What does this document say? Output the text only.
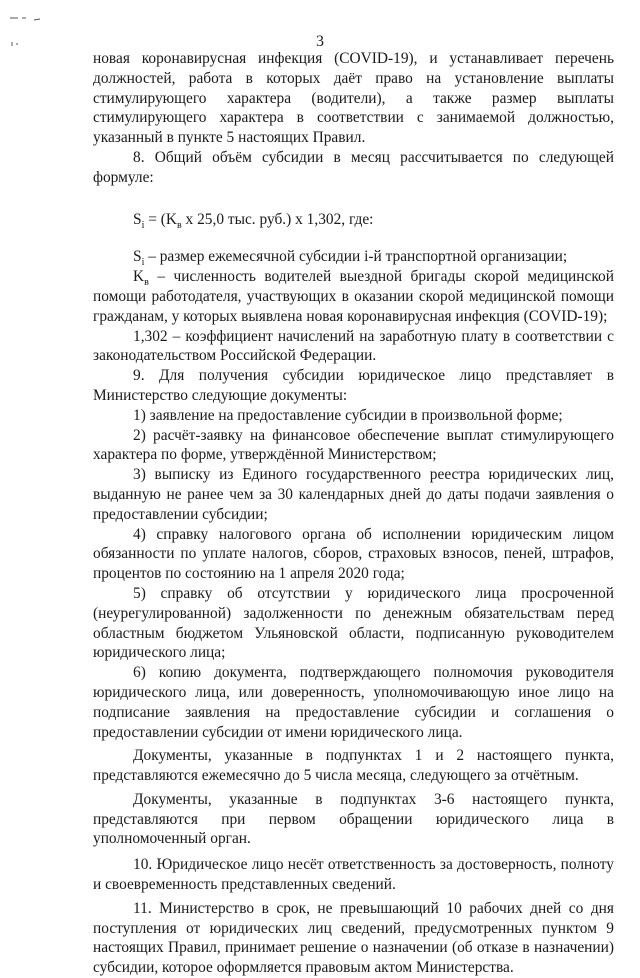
3

новая коронавирусная инфекция (COVID-19), и устанавливает перечень должностей, работа в которых даёт право на установление выплаты стимулирующего характера (водители), а также размер выплаты стимулирующего характера в соответствии с занимаемой должностью, указанный в пункте 5 настоящих Правил.

8. Общий объём субсидии в месяц рассчитывается по следующей формуле:

$S_i = (K_в$ x 25,0 тыс. руб.) x 1,302, где:

$S_i$ – размер ежемесячной субсидии i-й транспортной организации;

$K_в$ – численность водителей выездной бригады скорой медицинской помощи работодателя, участвующих в оказании скорой медицинской помощи гражданам, у которых выявлена новая коронавирусная инфекция (COVID-19);

1,302 – коэффициент начислений на заработную плату в соответствии с законодательством Российской Федерации.

9. Для получения субсидии юридическое лицо представляет в Министерство следующие документы:

1) заявление на предоставление субсидии в произвольной форме;

2) расчёт-заявку на финансовое обеспечение выплат стимулирующего характера по форме, утверждённой Министерством;

3) выписку из Единого государственного реестра юридических лиц, выданную не ранее чем за 30 календарных дней до даты подачи заявления о предоставлении субсидии;

4) справку налогового органа об исполнении юридическим лицом обязанности по уплате налогов, сборов, страховых взносов, пеней, штрафов, процентов по состоянию на 1 апреля 2020 года;

5) справку об отсутствии у юридического лица просроченной (неурегулированной) задолженности по денежным обязательствам перед областным бюджетом Ульяновской области, подписанную руководителем юридического лица;

6) копию документа, подтверждающего полномочия руководителя юридического лица, или доверенность, уполномочивающую иное лицо на подписание заявления на предоставление субсидии и соглашения о предоставлении субсидии от имени юридического лица.

Документы, указанные в подпунктах 1 и 2 настоящего пункта, представляются ежемесячно до 5 числа месяца, следующего за отчётным.

Документы, указанные в подпунктах 3-6 настоящего пункта, представляются при первом обращении юридического лица в уполномоченный орган.

10. Юридическое лицо несёт ответственность за достоверность, полноту и своевременность представленных сведений.

11. Министерство в срок, не превышающий 10 рабочих дней со дня поступления от юридических лиц сведений, предусмотренных пунктом 9 настоящих Правил, принимает решение о назначении (об отказе в назначении) субсидии, которое оформляется правовым актом Министерства.
